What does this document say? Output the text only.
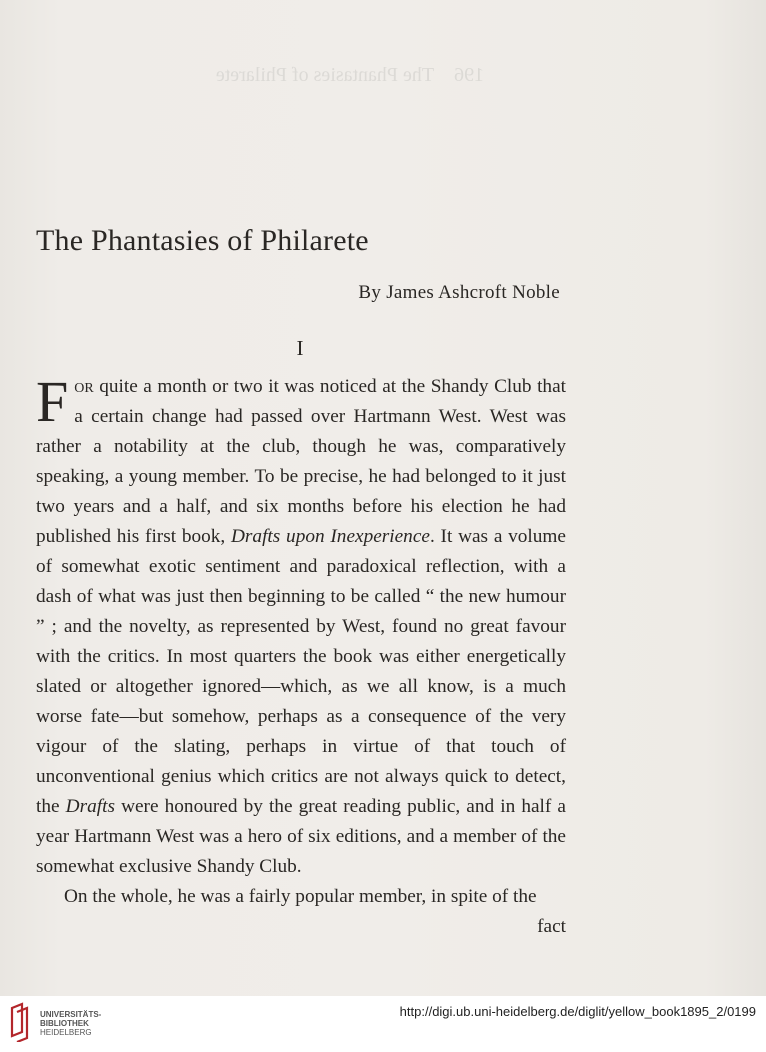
196    The Phantasies of Philarete
The Phantasies of Philarete
By James Ashcroft Noble
I

For quite a month or two it was noticed at the Shandy Club that a certain change had passed over Hartmann West. West was rather a notability at the club, though he was, comparatively speaking, a young member. To be precise, he had belonged to it just two years and a half, and six months before his election he had published his first book, Drafts upon Inexperience. It was a volume of somewhat exotic sentiment and paradoxical reflection, with a dash of what was just then beginning to be called “ the new humour ” ; and the novelty, as represented by West, found no great favour with the critics. In most quarters the book was either energetically slated or altogether ignored—which, as we all know, is a much worse fate—but somehow, perhaps as a consequence of the very vigour of the slating, perhaps in virtue of that touch of unconventional genius which critics are not always quick to detect, the Drafts were honoured by the great reading public, and in half a year Hartmann West was a hero of six editions, and a member of the somewhat exclusive Shandy Club.

On the whole, he was a fairly popular member, in spite of the

fact

UNIVERSITÄTS-
BIBLIOTHEK
HEIDELBERG
http://digi.ub.uni-heidelberg.de/diglit/yellow_book1895_2/0199
